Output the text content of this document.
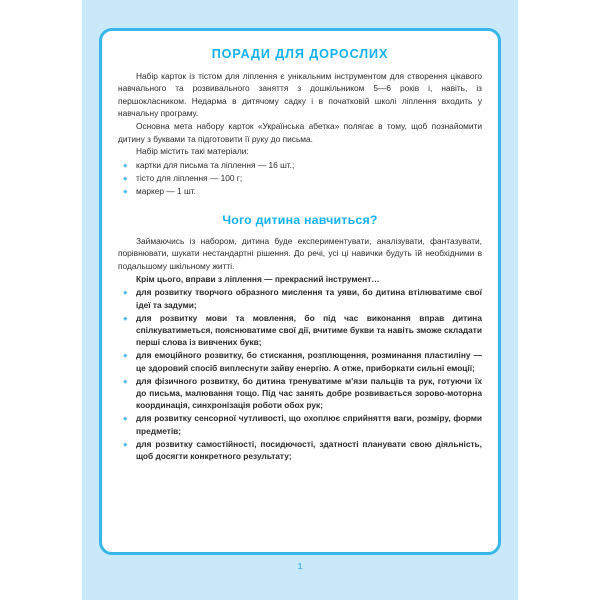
ПОРАДИ ДЛЯ ДОРОСЛИХ

Набір карток із тістом для ліплення є унікальним інструментом для створення цікавого навчального та розвивального заняття з дошкільником 5—6 років і, навіть, із першокласником. Недарма в дитячому садку і в початковій школі ліплення входить у навчальну програму.

Основна мета набору карток «Українська абетка» полягає в тому, щоб познайомити дитину з буквами та підготовити її руку до письма.

Набір містить такі матеріали:

картки для письма та ліплення — 16 шт.;
тісто для ліплення — 100 г;
маркер — 1 шт.
Чого дитина навчиться?

Займаючись із набором, дитина буде експериментувати, аналізувати, фантазувати, порівнювати, шукати нестандартні рішення. До речі, усі ці навички будуть їй необхідними в подальшому шкільному житті.

Крім цього, вправи з ліплення — прекрасний інструмент…

для розвитку творчого образного мислення та уяви, бо дитина втілюватиме свої ідеї та задуми;
для розвитку мови та мовлення, бо під час виконання вправ дитина спілкуватиметься, пояснюватиме свої дії, вчитиме букви та навіть зможе складати перші слова із вивчених букв;
для емоційного розвитку, бо стискання, розплющення, розминання пластиліну — це здоровий спосіб виплеснути зайву енергію. А отже, приборкати сильні емоції;
для фізичного розвитку, бо дитина тренуватиме м'язи пальців та рук, готуючи їх до письма, малювання тощо. Під час занять добре розвивається зорово-моторна координація, синхронізація роботи обох рук;
для розвитку сенсорної чутливості, що охоплює сприйняття ваги, розміру, форми предметів;
для розвитку самостійності, посидючості, здатності планувати свою діяльність, щоб досягти конкретного результату;
1
